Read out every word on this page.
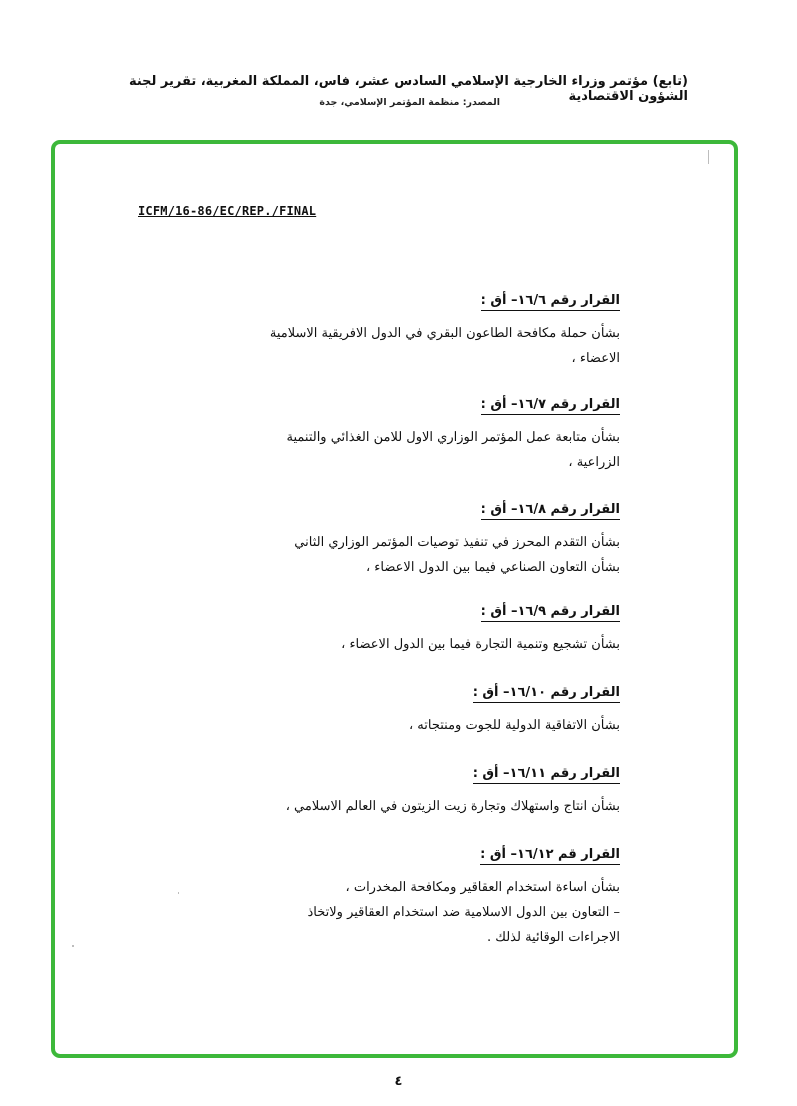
(تابع) مؤتمر وزراء الخارجية الإسلامي السادس عشر، فاس، المملكة المغربية، تقرير لجنة الشؤون الاقتصادية
المصدر: منظمة المؤتمر الإسلامي، جدة
ICFM/16-86/EC/REP./FINAL
القرار رقم ١٦/٦– أق :
بشأن حملة مكافحة الطاعون البقري في الدول الافريقية الاسلامية
الاعضاء ،
القرار رقم ١٦/٧– أق :
بشأن متابعة عمل المؤتمر الوزاري الاول للامن الغذائي والتنمية
الزراعية ،
القرار رقم ١٦/٨– أق :
بشأن التقدم المحرز في تنفيذ توصيات المؤتمر الوزاري الثاني
بشأن التعاون الصناعي فيما بين الدول الاعضاء ،
القرار رقم ١٦/٩– أق :
بشأن تشجيع وتنمية التجارة فيما بين الدول الاعضاء ،
القرار رقم ١٦/١٠– أق :
بشأن الاتفاقية الدولية للجوت ومنتجاته ،
القرار رقم ١٦/١١– أق :
بشأن انتاج واستهلاك وتجارة زيت الزيتون في العالم الاسلامي ،
القرار قم ١٦/١٢– أق :
بشأن اساءة استخدام العقاقير ومكافحة المخدرات ،
– التعاون بين الدول الاسلامية ضد استخدام العقاقير ولاتخاذ
الاجراءات الوقائية لذلك .
٤
